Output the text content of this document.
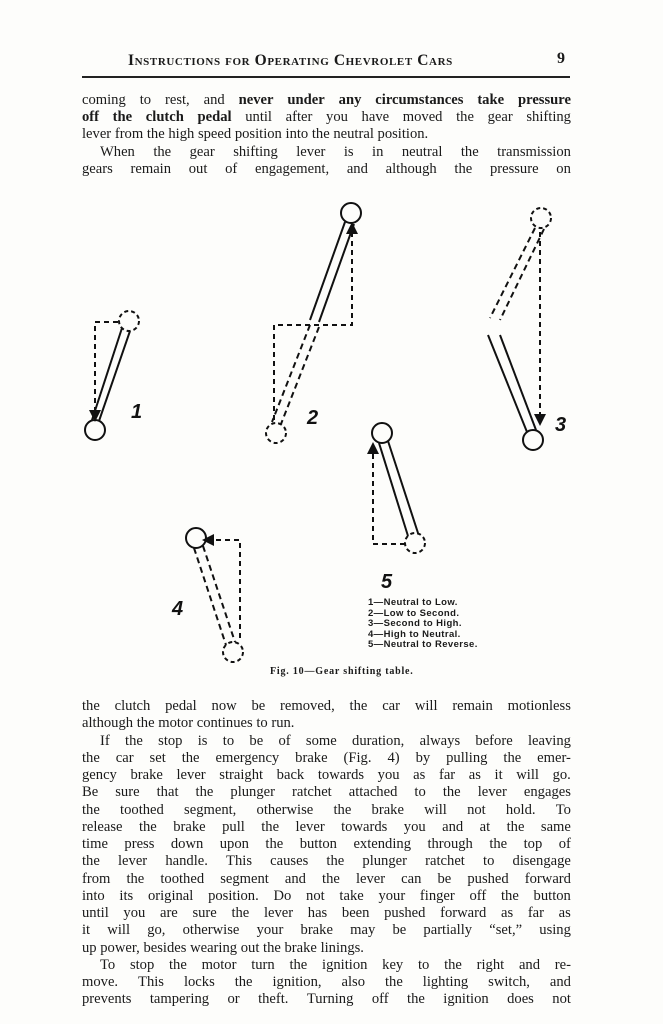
Instructions for Operating Chevrolet Cars	9
coming to rest, and never under any circumstances take pressure
off the clutch pedal until after you have moved the gear shifting
lever from the high speed position into the neutral position.
When the gear shifting lever is in neutral the transmission
gears remain out of engagement, and although the pressure on
1	2	3
4
5
1—Neutral to Low.
2—Low to Second.
3—Second to High.
4—High to Neutral.
5—Neutral to Reverse.
Fig. 10—Gear shifting table.
the clutch pedal now be removed, the car will remain motionless
although the motor continues to run.
If the stop is to be of some duration, always before leaving
the car set the emergency brake (Fig. 4) by pulling the emer-
gency brake lever straight back towards you as far as it will go.
Be sure that the plunger ratchet attached to the lever engages
the toothed segment, otherwise the brake will not hold. To
release the brake pull the lever towards you and at the same
time press down upon the button extending through the top of
the lever handle. This causes the plunger ratchet to disengage
from the toothed segment and the lever can be pushed forward
into its original position. Do not take your finger off the button
until you are sure the lever has been pushed forward as far as
it will go, otherwise your brake may be partially “set,” using
up power, besides wearing out the brake linings.
To stop the motor turn the ignition key to the right and re-
move. This locks the ignition, also the lighting switch, and
prevents tampering or theft. Turning off the ignition does not
